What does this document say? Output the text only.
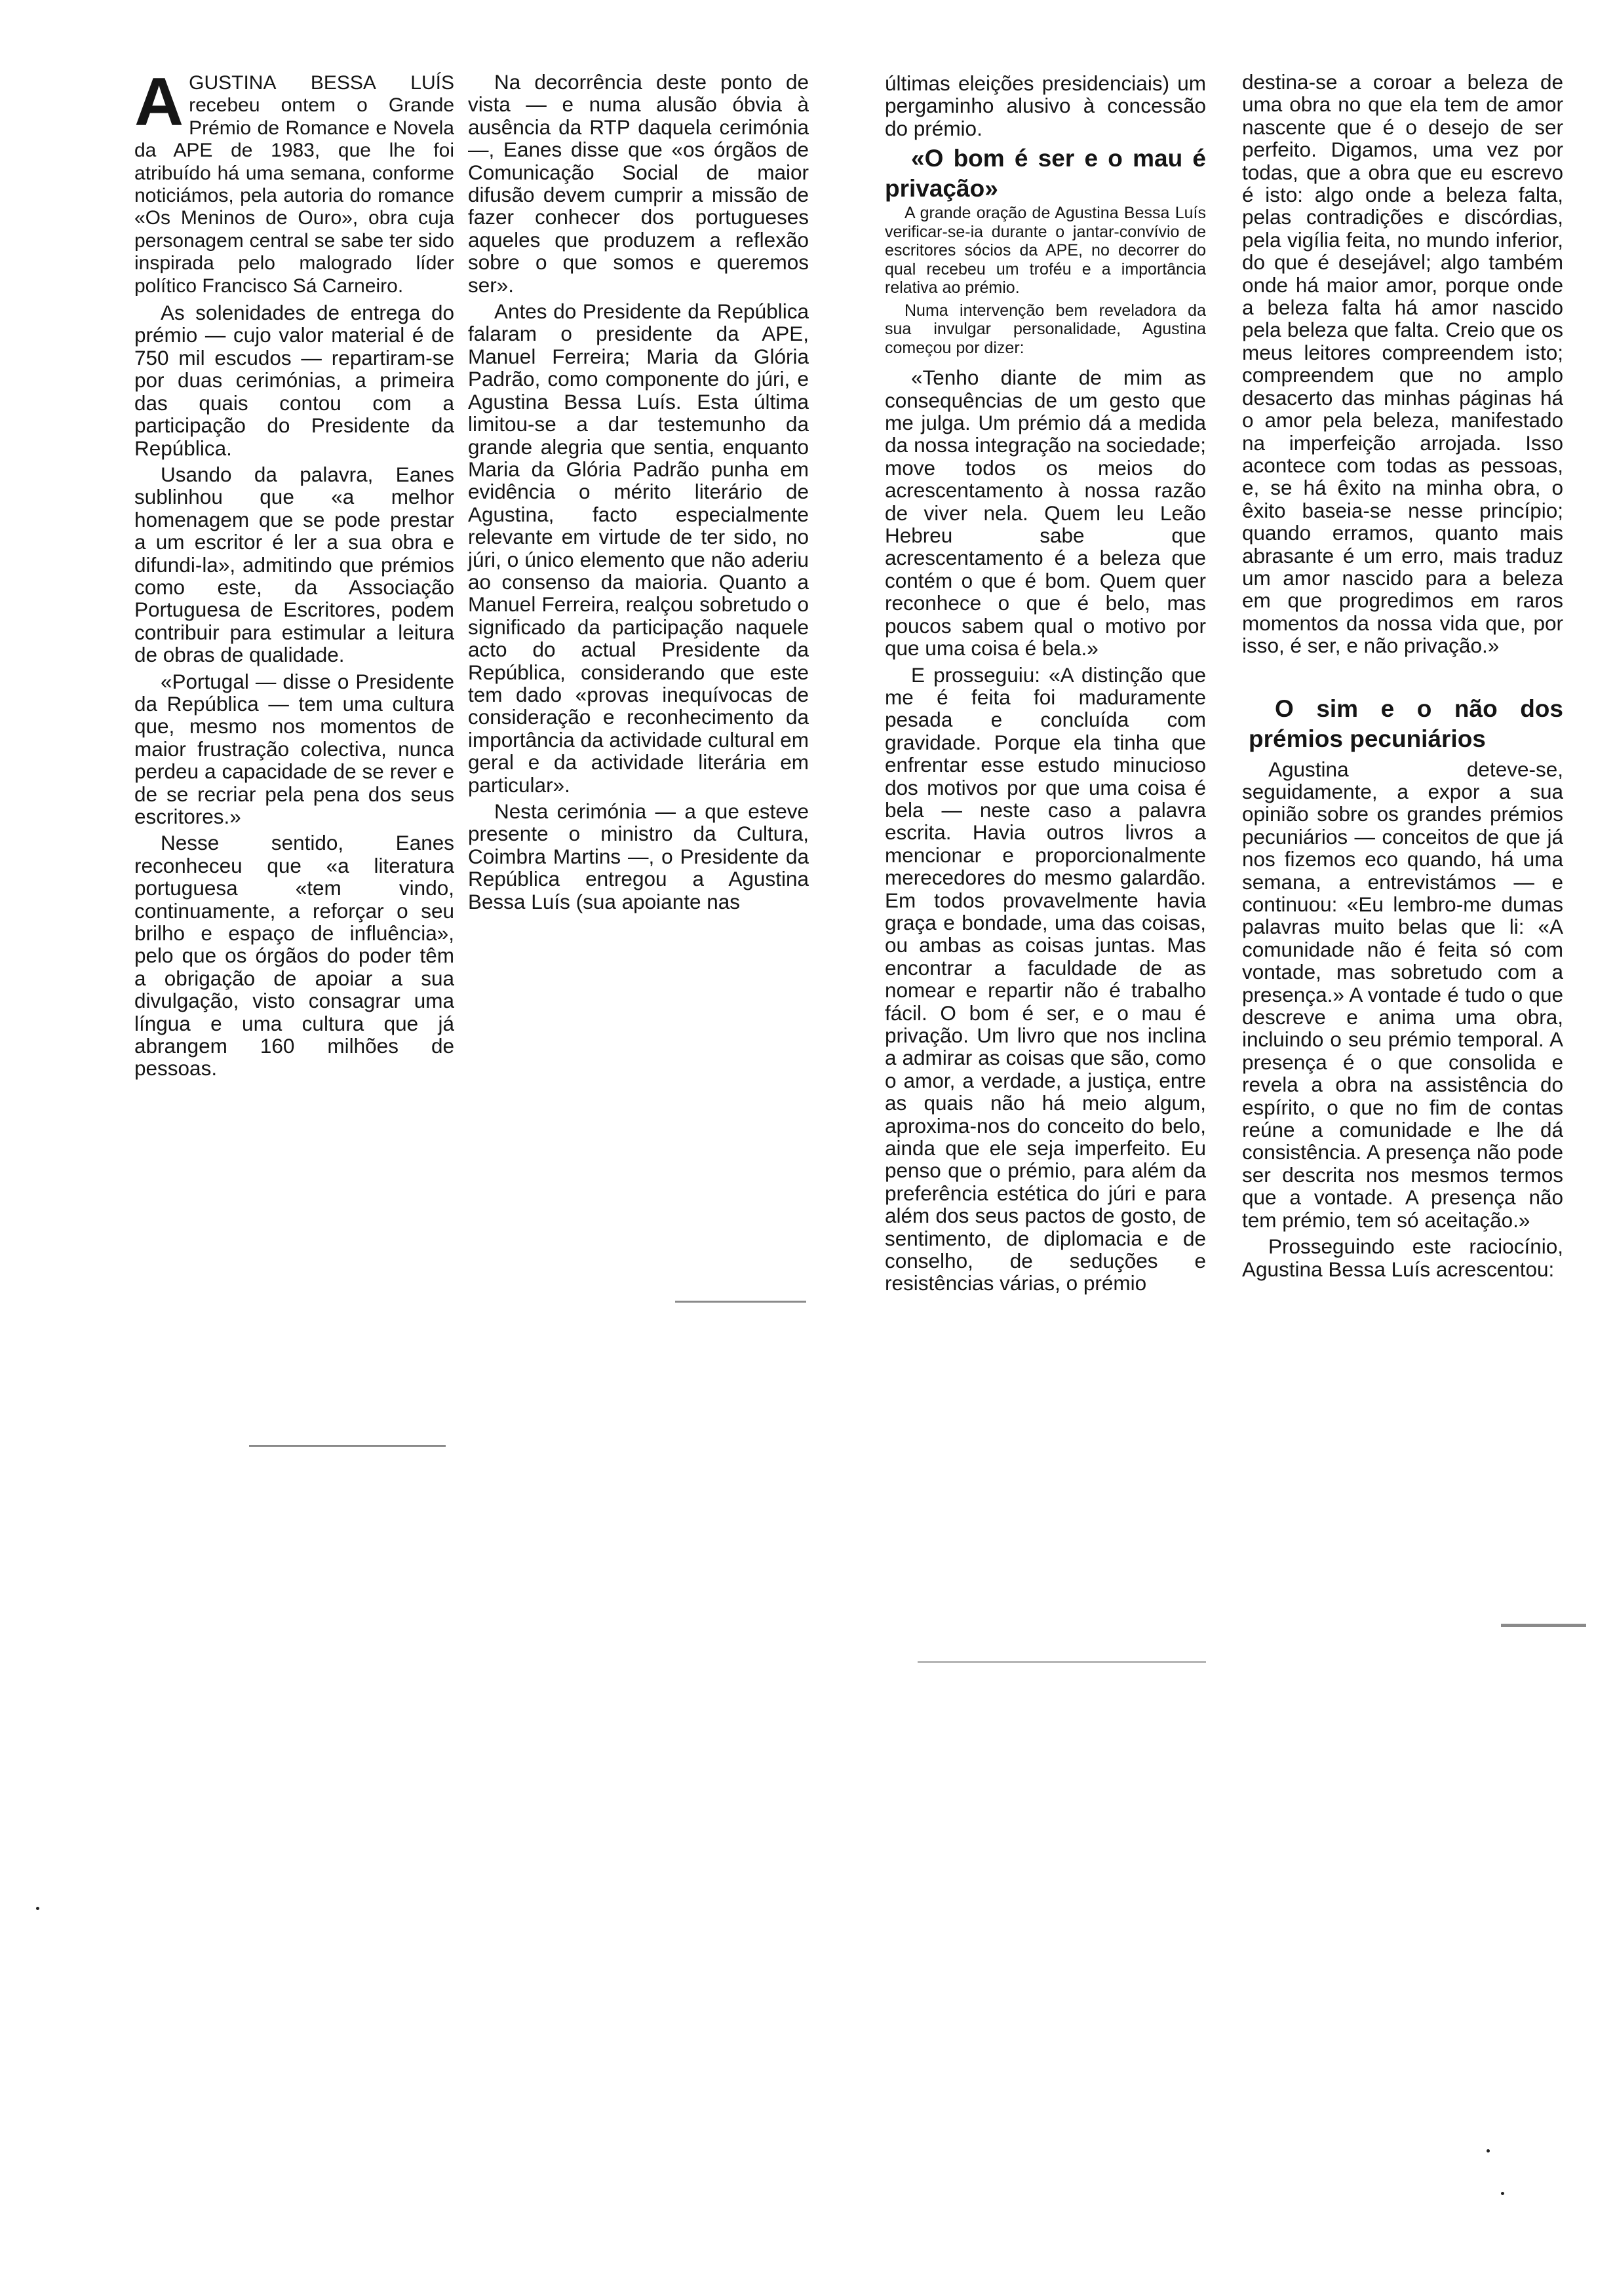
AGUSTINA BESSA LUÍS recebeu ontem o Grande Prémio de Romance e Novela da APE de 1983, que lhe foi atribuído há uma semana, conforme noticiámos, pela autoria do romance «Os Meninos de Ouro», obra cuja personagem central se sabe ter sido inspirada pelo malogrado líder político Francisco Sá Carneiro.

As solenidades de entrega do prémio — cujo valor material é de 750 mil escudos — repartiram-se por duas cerimónias, a primeira das quais contou com a participação do Presidente da República.

Usando da palavra, Eanes sublinhou que «a melhor homenagem que se pode prestar a um escritor é ler a sua obra e difundi-la», admitindo que prémios como este, da Associação Portuguesa de Escritores, podem contribuir para estimular a leitura de obras de qualidade.

«Portugal — disse o Presidente da República — tem uma cultura que, mesmo nos momentos de maior frustração colectiva, nunca perdeu a capacidade de se rever e de se recriar pela pena dos seus escritores.»

Nesse sentido, Eanes reconheceu que «a literatura portuguesa «tem vindo, continuamente, a reforçar o seu brilho e espaço de influência», pelo que os órgãos do poder têm a obrigação de apoiar a sua divulgação, visto consagrar uma língua e uma cultura que já abrangem 160 milhões de pessoas.

Na decorrência deste ponto de vista — e numa alusão óbvia à ausência da RTP daquela cerimónia —, Eanes disse que «os órgãos de Comunicação Social de maior difusão devem cumprir a missão de fazer conhecer dos portugueses aqueles que produzem a reflexão sobre o que somos e queremos ser».

Antes do Presidente da República falaram o presidente da APE, Manuel Ferreira; Maria da Glória Padrão, como componente do júri, e Agustina Bessa Luís. Esta última limitou-se a dar testemunho da grande alegria que sentia, enquanto Maria da Glória Padrão punha em evidência o mérito literário de Agustina, facto especialmente relevante em virtude de ter sido, no júri, o único elemento que não aderiu ao consenso da maioria. Quanto a Manuel Ferreira, realçou sobretudo o significado da participação naquele acto do actual Presidente da República, considerando que este tem dado «provas inequívocas de consideração e reconhecimento da importância da actividade cultural em geral e da actividade literária em particular».

Nesta cerimónia — a que esteve presente o ministro da Cultura, Coimbra Martins —, o Presidente da República entregou a Agustina Bessa Luís (sua apoiante nas

últimas eleições presidenciais) um pergaminho alusivo à concessão do prémio.

«O bom é ser e o mau é privação»

A grande oração de Agustina Bessa Luís verificar-se-ia durante o jantar-convívio de escritores sócios da APE, no decorrer do qual recebeu um troféu e a importância relativa ao prémio.

Numa intervenção bem reveladora da sua invulgar personalidade, Agustina começou por dizer:

«Tenho diante de mim as consequências de um gesto que me julga. Um prémio dá a medida da nossa integração na sociedade; move todos os meios do acrescentamento à nossa razão de viver nela. Quem leu Leão Hebreu sabe que acrescentamento é a beleza que contém o que é bom. Quem quer reconhece o que é belo, mas poucos sabem qual o motivo por que uma coisa é bela.»

E prosseguiu: «A distinção que me é feita foi maduramente pesada e concluída com gravidade. Porque ela tinha que enfrentar esse estudo minucioso dos motivos por que uma coisa é bela — neste caso a palavra escrita. Havia outros livros a mencionar e proporcionalmente merecedores do mesmo galardão. Em todos provavelmente havia graça e bondade, uma das coisas, ou ambas as coisas juntas. Mas encontrar a faculdade de as nomear e repartir não é trabalho fácil. O bom é ser, e o mau é privação. Um livro que nos inclina a admirar as coisas que são, como o amor, a verdade, a justiça, entre as quais não há meio algum, aproxima-nos do conceito do belo, ainda que ele seja imperfeito. Eu penso que o prémio, para além da preferência estética do júri e para além dos seus pactos de gosto, de sentimento, de diplomacia e de conselho, de seduções e resistências várias, o prémio

destina-se a coroar a beleza de uma obra no que ela tem de amor nascente que é o desejo de ser perfeito. Digamos, uma vez por todas, que a obra que eu escrevo é isto: algo onde a beleza falta, pelas contradições e discórdias, pela vigília feita, no mundo inferior, do que é desejável; algo também onde há maior amor, porque onde a beleza falta há amor nascido pela beleza que falta. Creio que os meus leitores compreendem isto; compreendem que no amplo desacerto das minhas páginas há o amor pela beleza, manifestado na imperfeição arrojada. Isso acontece com todas as pessoas, e, se há êxito na minha obra, o êxito baseia-se nesse princípio; quando erramos, quanto mais abrasante é um erro, mais traduz um amor nascido para a beleza em que progredimos em raros momentos da nossa vida que, por isso, é ser, e não privação.»

O sim e o não dos prémios pecuniários

Agustina deteve-se, seguidamente, a expor a sua opinião sobre os grandes prémios pecuniários — conceitos de que já nos fizemos eco quando, há uma semana, a entrevistámos — e continuou: «Eu lembro-me dumas palavras muito belas que li: «A comunidade não é feita só com vontade, mas sobretudo com a presença.» A vontade é tudo o que descreve e anima uma obra, incluindo o seu prémio temporal. A presença é o que consolida e revela a obra na assistência do espírito, o que no fim de contas reúne a comunidade e lhe dá consistência. A presença não pode ser descrita nos mesmos termos que a vontade. A presença não tem prémio, tem só aceitação.»

Prosseguindo este raciocínio, Agustina Bessa Luís acrescentou:
